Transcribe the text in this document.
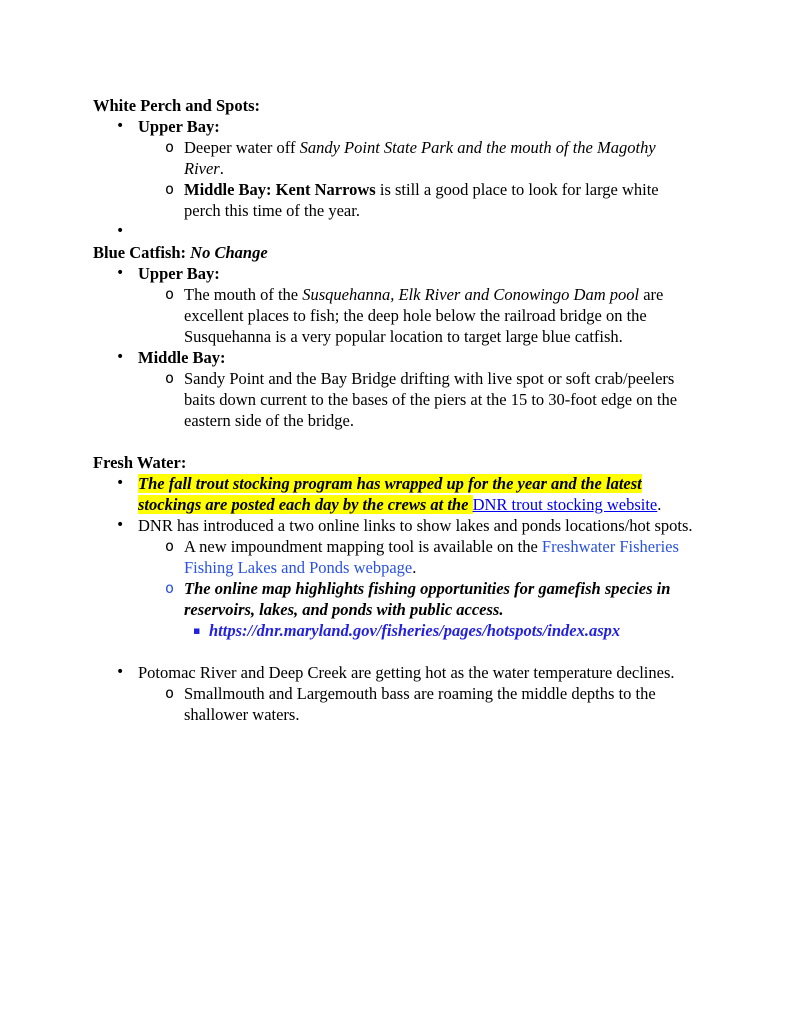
White Perch and Spots:

• Upper Bay:
o Deeper water off Sandy Point State Park and the mouth of the Magothy River.
o Middle Bay: Kent Narrows is still a good place to look for large white perch this time of the year.
•

Blue Catfish: No Change

• Upper Bay:
o The mouth of the Susquehanna, Elk River and Conowingo Dam pool are excellent places to fish; the deep hole below the railroad bridge on the Susquehanna is a very popular location to target large blue catfish.
• Middle Bay:
o Sandy Point and the Bay Bridge drifting with live spot or soft crab/peelers baits down current to the bases of the piers at the 15 to 30-foot edge on the eastern side of the bridge.

Fresh Water:

• The fall trout stocking program has wrapped up for the year and the latest stockings are posted each day by the crews at the DNR trout stocking website.
• DNR has introduced a two online links to show lakes and ponds locations/hot spots.
o A new impoundment mapping tool is available on the Freshwater Fisheries Fishing Lakes and Ponds webpage.
o The online map highlights fishing opportunities for gamefish species in reservoirs, lakes, and ponds with public access.
▪ https://dnr.maryland.gov/fisheries/pages/hotspots/index.aspx
• Potomac River and Deep Creek are getting hot as the water temperature declines.
o Smallmouth and Largemouth bass are roaming the middle depths to the shallower waters.
